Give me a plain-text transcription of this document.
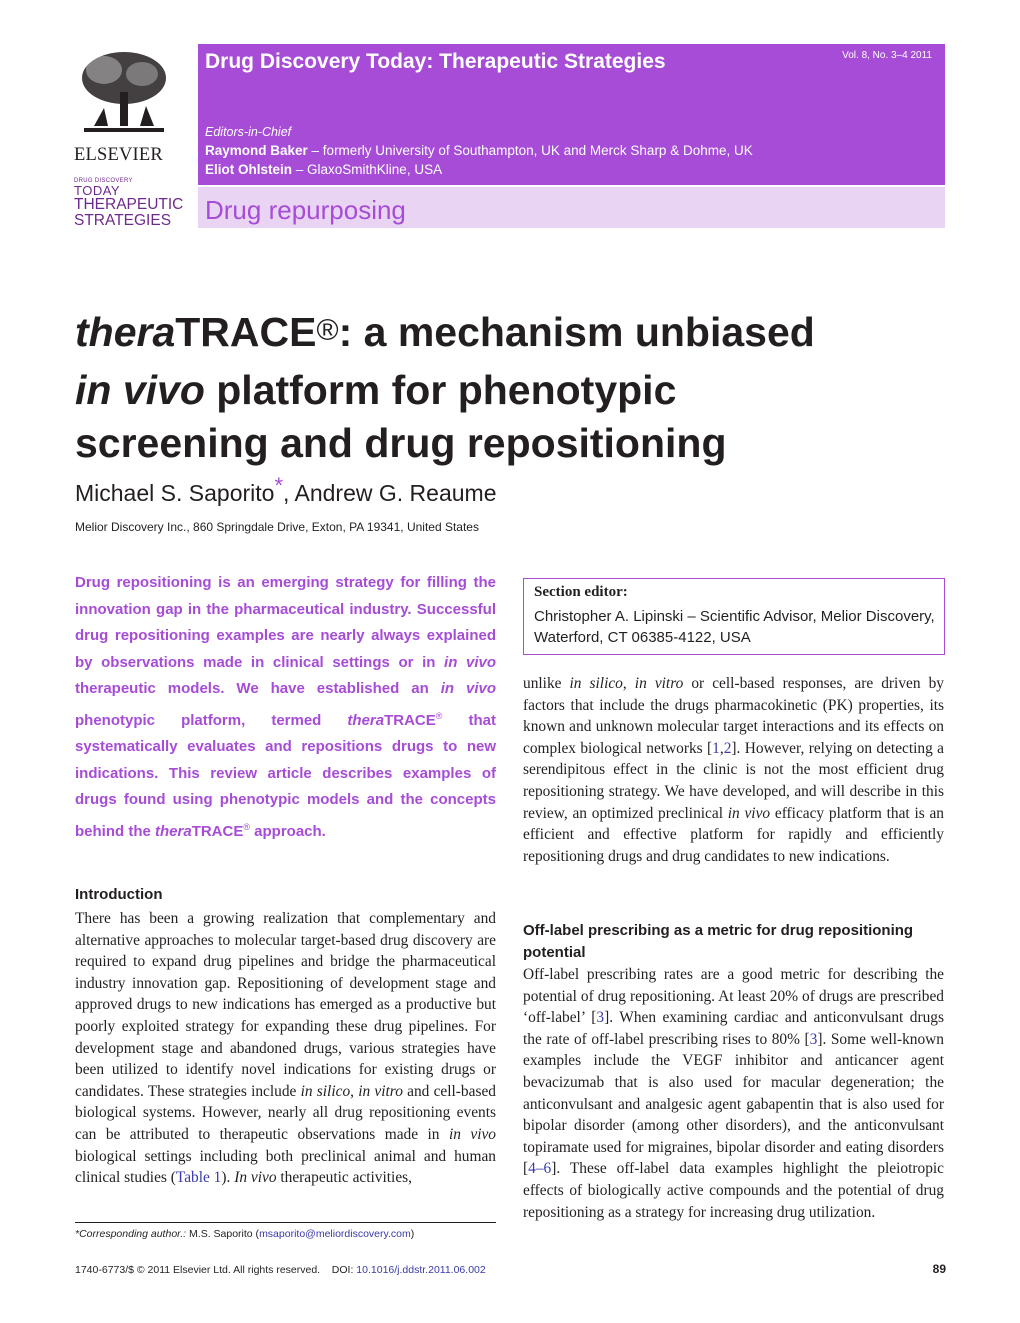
ELSEVIER
DRUG DISCOVERY
TODAY
THERAPEUTIC
STRATEGIES
Drug Discovery Today: Therapeutic Strategies	Vol. 8, No. 3–4 2011
Editors-in-Chief
Raymond Baker – formerly University of Southampton, UK and Merck Sharp & Dohme, UK
Eliot Ohlstein – GlaxoSmithKline, USA
Drug repurposing
theraTRACE®: a mechanism unbiased
in vivo platform for phenotypic
screening and drug repositioning
Michael S. Saporito*, Andrew G. Reaume
Melior Discovery Inc., 860 Springdale Drive, Exton, PA 19341, United States
Drug repositioning is an emerging strategy for filling the innovation gap in the pharmaceutical industry. Successful drug repositioning examples are nearly always explained by observations made in clinical settings or in in vivo therapeutic models. We have established an in vivo phenotypic platform, termed theraTRACE® that systematically evaluates and repositions drugs to new indications. This review article describes examples of drugs found using phenotypic models and the concepts behind the theraTRACE® approach.
Section editor:
Christopher A. Lipinski – Scientific Advisor, Melior Discovery, Waterford, CT 06385-4122, USA
Introduction
There has been a growing realization that complementary and alternative approaches to molecular target-based drug discovery are required to expand drug pipelines and bridge the pharmaceutical industry innovation gap. Repositioning of development stage and approved drugs to new indications has emerged as a productive but poorly exploited strategy for expanding these drug pipelines. For development stage and abandoned drugs, various strategies have been utilized to identify novel indications for existing drugs or candidates. These strategies include in silico, in vitro and cell-based biological systems. However, nearly all drug repositioning events can be attributed to therapeutic observations made in in vivo biological settings including both preclinical animal and human clinical studies (Table 1). In vivo therapeutic activities,
unlike in silico, in vitro or cell-based responses, are driven by factors that include the drugs pharmacokinetic (PK) properties, its known and unknown molecular target interactions and its effects on complex biological networks [1,2]. However, relying on detecting a serendipitous effect in the clinic is not the most efficient drug repositioning strategy. We have developed, and will describe in this review, an optimized preclinical in vivo efficacy platform that is an efficient and effective platform for rapidly and efficiently repositioning drugs and drug candidates to new indications.
Off-label prescribing as a metric for drug repositioning potential
Off-label prescribing rates are a good metric for describing the potential of drug repositioning. At least 20% of drugs are prescribed ‘off-label’ [3]. When examining cardiac and anticonvulsant drugs the rate of off-label prescribing rises to 80% [3]. Some well-known examples include the VEGF inhibitor and anticancer agent bevacizumab that is also used for macular degeneration; the anticonvulsant and analgesic agent gabapentin that is also used for bipolar disorder (among other disorders), and the anticonvulsant topiramate used for migraines, bipolar disorder and eating disorders [4–6]. These off-label data examples highlight the pleiotropic effects of biologically active compounds and the potential of drug repositioning as a strategy for increasing drug utilization.
*Corresponding author.: M.S. Saporito (msaporito@meliordiscovery.com)
1740-6773/$ © 2011 Elsevier Ltd. All rights reserved. DOI: 10.1016/j.ddstr.2011.06.002	89
